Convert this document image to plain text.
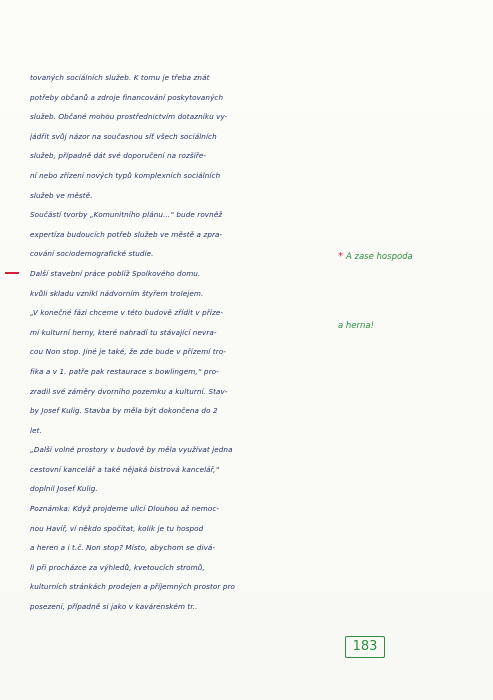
tovaných sociálních služeb. K tomu je třeba znát
potřeby občanů a zdroje financování poskytovaných
služeb. Občané mohou prostřednictvím dotazníku vy-
jádřit svůj názor na současnou síť všech sociálních
služeb, případně dát své doporučení na rozšíře-
ní nebo zřízení nových typů komplexních sociálních
služeb ve městě.
Součástí tvorby „Komunitního plánu...“ bude rovněž
expertíza budoucích potřeb služeb ve městě a zpra-
cování sociodemografické studie.
Další stavební práce poblíž Spolkového domu.
kvůli skladu vznikl nádvorním štyřem trolejem.
„V konečné fázi chceme v této budově zřídit v příze-
mí kulturní herny, které nahradí tu stávající nevra-
cou Non stop. Jiné je také, že zde bude v přízemí tro-
fika a v 1. patře pak restaurace s bowlingem,“ pro-
zradil své záměry dvorního pozemku a kulturní. Stav-
by Josef Kulig. Stavba by měla být dokončena do 2
let.
„Další volné prostory v budově by měla využívat jedna
cestovní kancelář a také nějaká bistrová kancelář,“
doplnil Josef Kulig.
Poznámka: Když projdeme ulicí Dlouhou až nemoc-
nou Havíř, ví někdo spočítat, kolik je tu hospod
a heren a i t.č. Non stop? Místo, abychom se divá-
li při procházce za výhledů, kvetoucích stromů,
kulturních stránkách prodejen a příjemných prostor pro
posezení, případně si jako v kavárenském tr..
* A zase hospoda
a herna!
183
